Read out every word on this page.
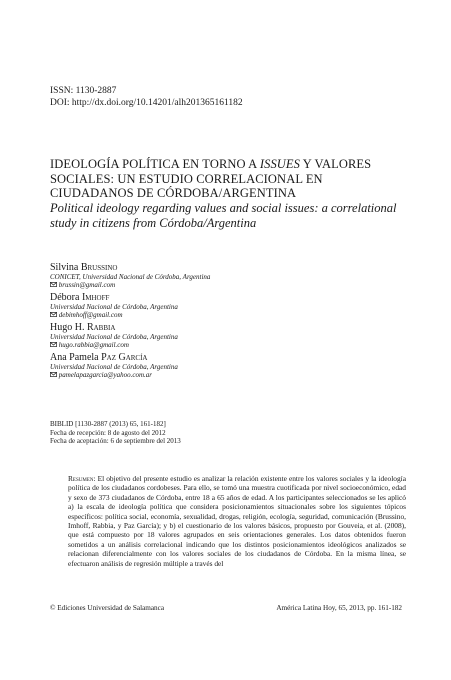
ISSN: 1130-2887
DOI: http://dx.doi.org/10.14201/alh201365161182
IDEOLOGÍA POLÍTICA EN TORNO A ISSUES Y VALORES SOCIALES: UN ESTUDIO CORRELACIONAL EN CIUDADANOS DE CÓRDOBA/ARGENTINA
Political ideology regarding values and social issues: a correlational study in citizens from Córdoba/Argentina
Silvina Brussino
CONICET, Universidad Nacional de Córdoba, Argentina
brussin@gmail.com
Débora Imhoff
Universidad Nacional de Córdoba, Argentina
debimhoff@gmail.com
Hugo H. Rabbia
Universidad Nacional de Córdoba, Argentina
hugo.rabbia@gmail.com
Ana Pamela Paz García
Universidad Nacional de Córdoba, Argentina
pamelapazgarcia@yahoo.com.ar
BIBLID [1130-2887 (2013) 65, 161-182]
Fecha de recepción: 8 de agosto del 2012
Fecha de aceptación: 6 de septiembre del 2013
Resumen: El objetivo del presente estudio es analizar la relación existente entre los valores sociales y la ideología política de los ciudadanos cordobeses. Para ello, se tomó una muestra cuotificada por nivel socioeconómico, edad y sexo de 373 ciudadanos de Córdoba, entre 18 a 65 años de edad. A los participantes seleccionados se les aplicó a) la escala de ideología política que considera posicionamientos situacionales sobre los siguientes tópicos específicos: política social, economía, sexualidad, drogas, religión, ecología, seguridad, comunicación (Brussino, Imhoff, Rabbia, y Paz García); y b) el cuestionario de los valores básicos, propuesto por Gouveia, et al. (2008), que está compuesto por 18 valores agrupados en seis orientaciones generales. Los datos obtenidos fueron sometidos a un análisis correlacional indicando que los distintos posicionamientos ideológicos analizados se relacionan diferencialmente con los valores sociales de los ciudadanos de Córdoba. En la misma línea, se efectuaron análisis de regresión múltiple a través del
© Ediciones Universidad de Salamanca	América Latina Hoy, 65, 2013, pp. 161-182
